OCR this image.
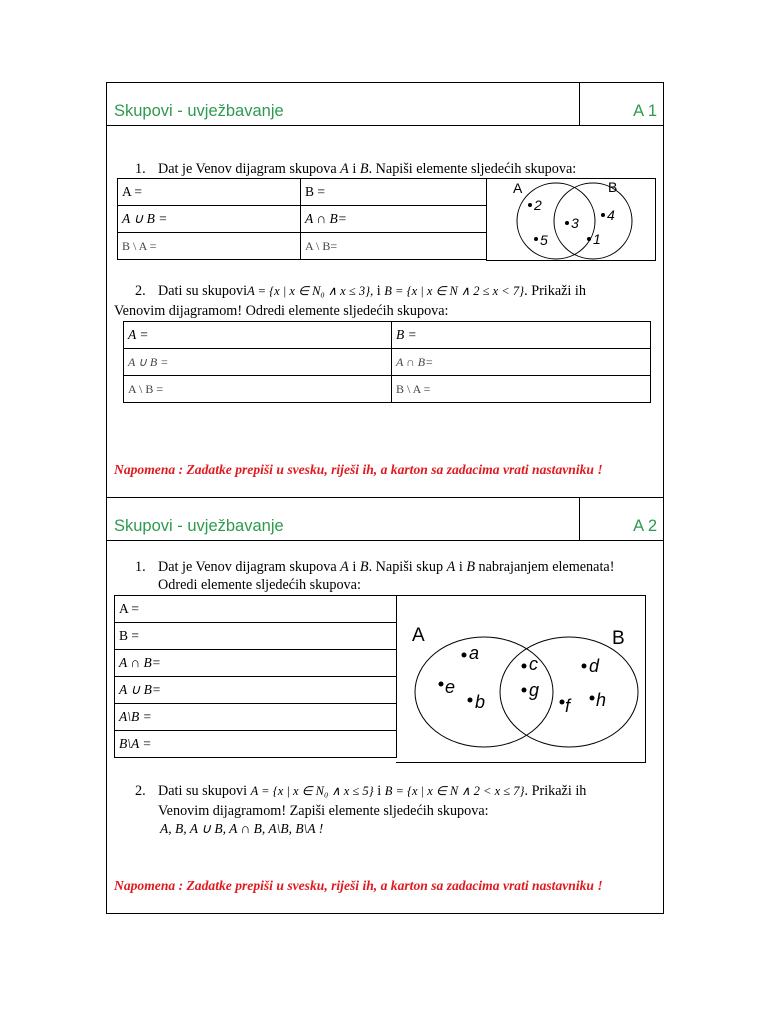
Skupovi - uvježbavanje	A 1
1. Dat je Venov dijagram skupova A i B. Napiši elemente sljedećih skupova:
A =	B =
A ∪ B =	A ∩ B=
B \ A =	A \ B=
A	B
2
3 4
5	1
2. Dati su skupoviA = {x | x ∈ N₀ ∧ x ≤ 3}, i B = {x | x ∈ N ∧ 2 ≤ x < 7}. Prikaži ih
Venovim dijagramom! Odredi elemente sljedećih skupova:
A =	B =
A ∪ B =	A ∩ B=
A \ B =	B \ A =
Napomena : Zadatke prepiši u svesku, riješi ih, a karton sa zadacima vrati nastavniku !
Skupovi - uvježbavanje	A 2
1. Dat je Venov dijagram skupova A i B. Napiši skup A i B nabrajanjem elemenata!
Odredi elemente sljedećih skupova:
A =
B =
A ∩ B=
A ∪ B=
A\B =
B\A =
A	B
a
c	d
e	g
b	f h
2. Dati su skupovi A = {x | x ∈ N₀ ∧ x ≤ 5} i B = {x | x ∈ N ∧ 2 < x ≤ 7}. Prikaži ih
Venovim dijagramom! Zapiši elemente sljedećih skupova:
A, B, A ∪ B, A ∩ B, A\B, B\A !
Napomena : Zadatke prepiši u svesku, riješi ih, a karton sa zadacima vrati nastavniku !
